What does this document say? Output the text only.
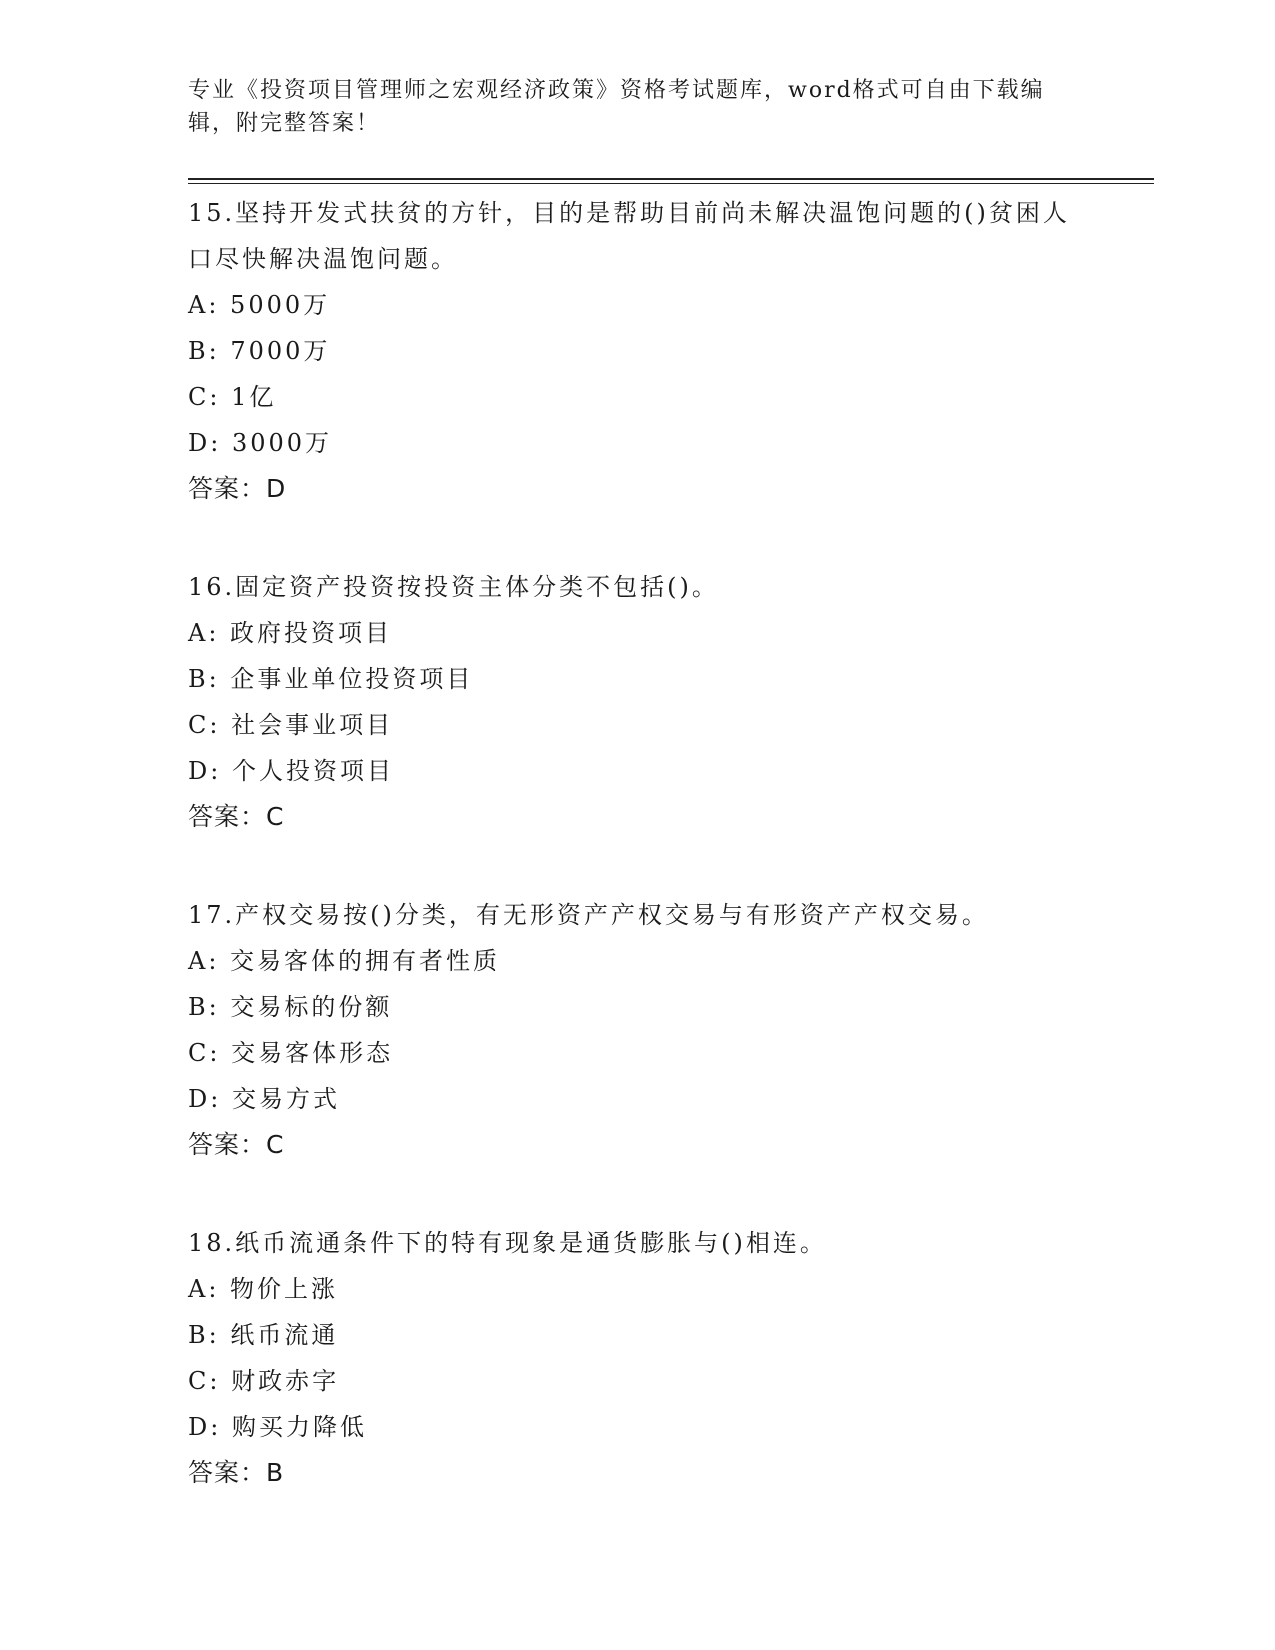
专业《投资项目管理师之宏观经济政策》资格考试题库，word格式可自由下载编辑，附完整答案！

15.坚持开发式扶贫的方针，目的是帮助目前尚未解决温饱问题的()贫困人口尽快解决温饱问题。

A: 5000万

B: 7000万

C: 1亿

D: 3000万

答案：D

16.固定资产投资按投资主体分类不包括()。

A: 政府投资项目

B: 企事业单位投资项目

C: 社会事业项目

D: 个人投资项目

答案：C

17.产权交易按()分类，有无形资产产权交易与有形资产产权交易。

A: 交易客体的拥有者性质

B: 交易标的份额

C: 交易客体形态

D: 交易方式

答案：C

18.纸币流通条件下的特有现象是通货膨胀与()相连。

A: 物价上涨

B: 纸币流通

C: 财政赤字

D: 购买力降低

答案：B
